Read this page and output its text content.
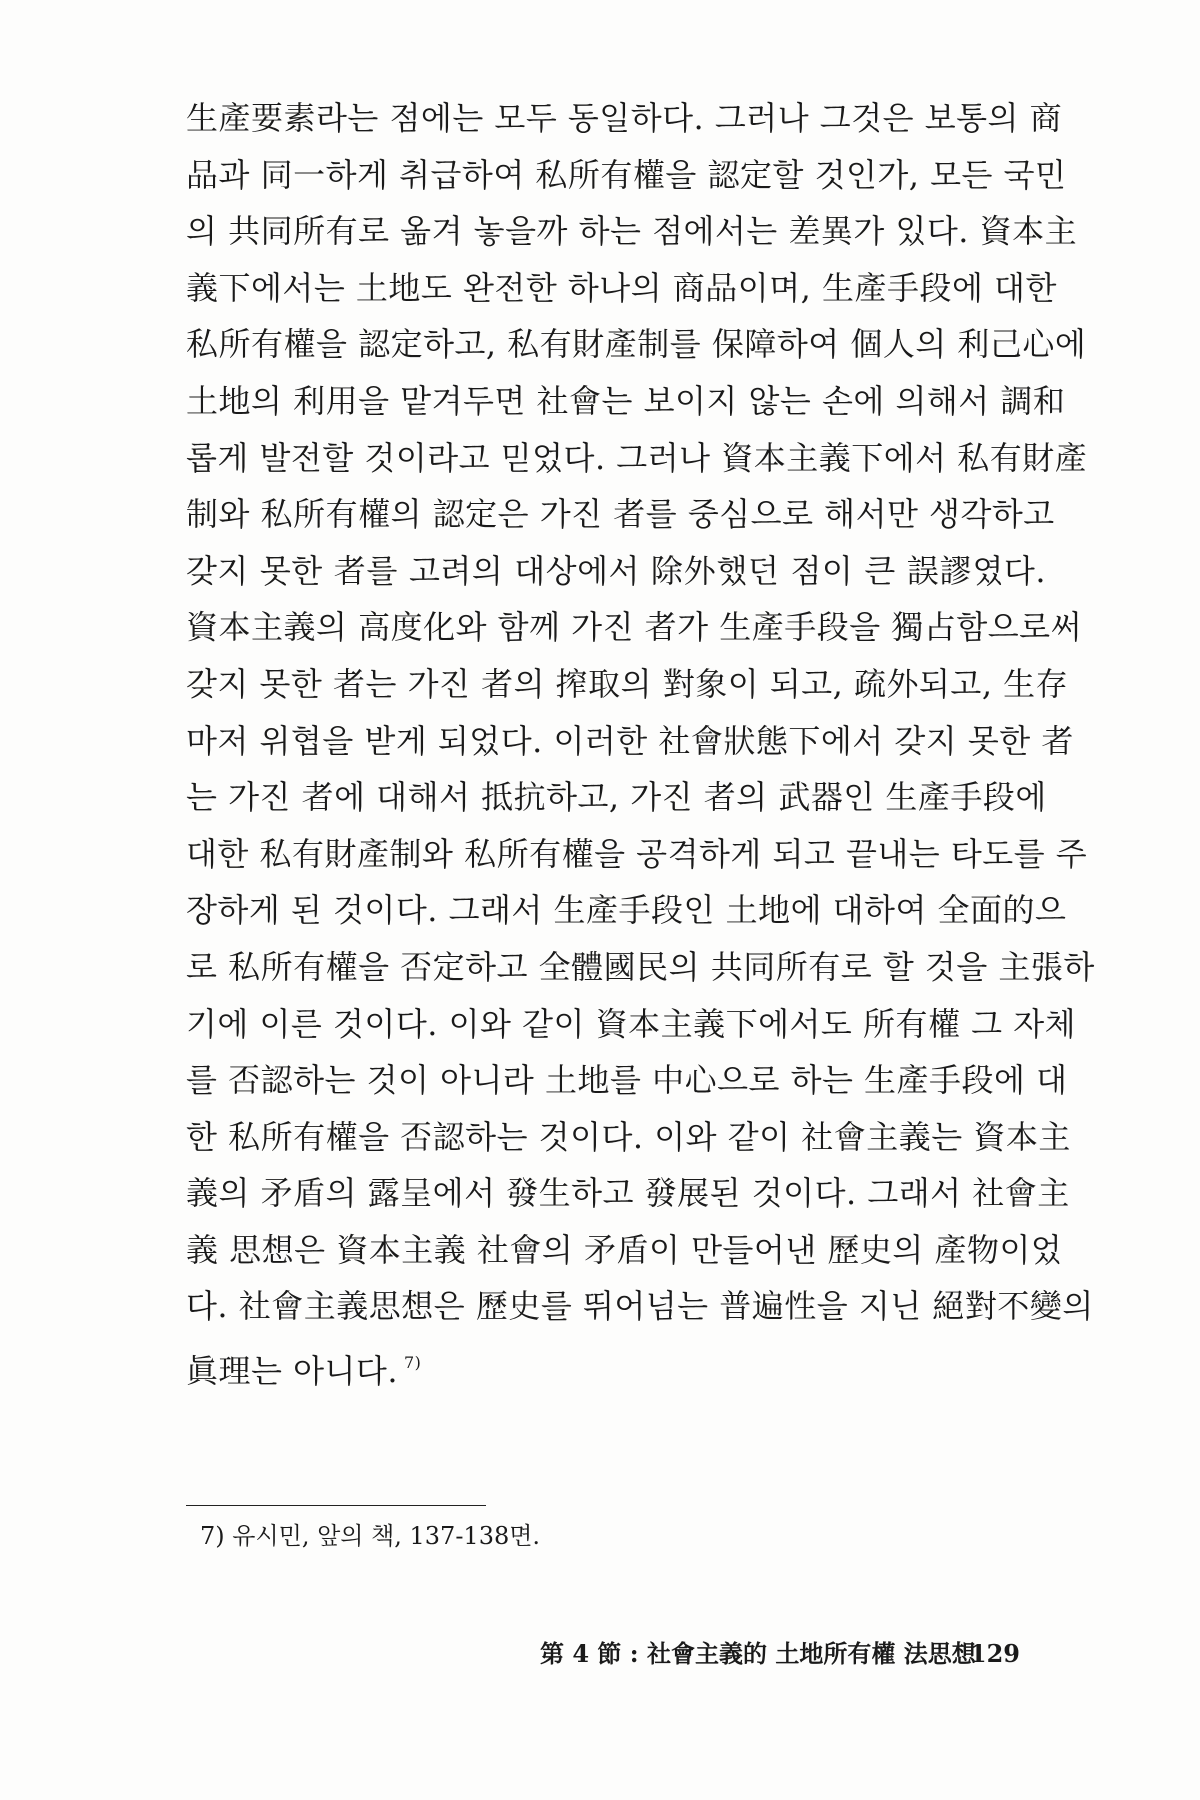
生產要素라는 점에는 모두 동일하다. 그러나 그것은 보통의 商
品과 同一하게 취급하여 私所有權을 認定할 것인가, 모든 국민
의 共同所有로 옮겨 놓을까 하는 점에서는 差異가 있다. 資本主
義下에서는 土地도 완전한 하나의 商品이며, 生產手段에 대한
私所有權을 認定하고, 私有財產制를 保障하여 個人의 利己心에
土地의 利用을 맡겨두면 社會는 보이지 않는 손에 의해서 調和
롭게 발전할 것이라고 믿었다. 그러나 資本主義下에서 私有財產
制와 私所有權의 認定은 가진 者를 중심으로 해서만 생각하고
갖지 못한 者를 고려의 대상에서 除外했던 점이 큰 誤謬였다.
資本主義의 高度化와 함께 가진 者가 生產手段을 獨占함으로써
갖지 못한 者는 가진 者의 搾取의 對象이 되고, 疏外되고, 生存
마저 위협을 받게 되었다. 이러한 社會狀態下에서 갖지 못한 者
는 가진 者에 대해서 抵抗하고, 가진 者의 武器인 生產手段에
대한 私有財產制와 私所有權을 공격하게 되고 끝내는 타도를 주
장하게 된 것이다. 그래서 生產手段인 土地에 대하여 全面的으
로 私所有權을 否定하고 全體國民의 共同所有로 할 것을 主張하
기에 이른 것이다. 이와 같이 資本主義下에서도 所有權 그 자체
를 否認하는 것이 아니라 土地를 中心으로 하는 生產手段에 대
한 私所有權을 否認하는 것이다. 이와 같이 社會主義는 資本主
義의 矛盾의 露呈에서 發生하고 發展된 것이다. 그래서 社會主
義 思想은 資本主義 社會의 矛盾이 만들어낸 歷史의 產物이었
다. 社會主義思想은 歷史를 뛰어넘는 普遍性을 지닌 絕對不變의
眞理는 아니다. $^{7)}$
7) 유시민, 앞의 책, 137-138면.
第 4 節 : 社會主義的 土地所有權 法思想
129
